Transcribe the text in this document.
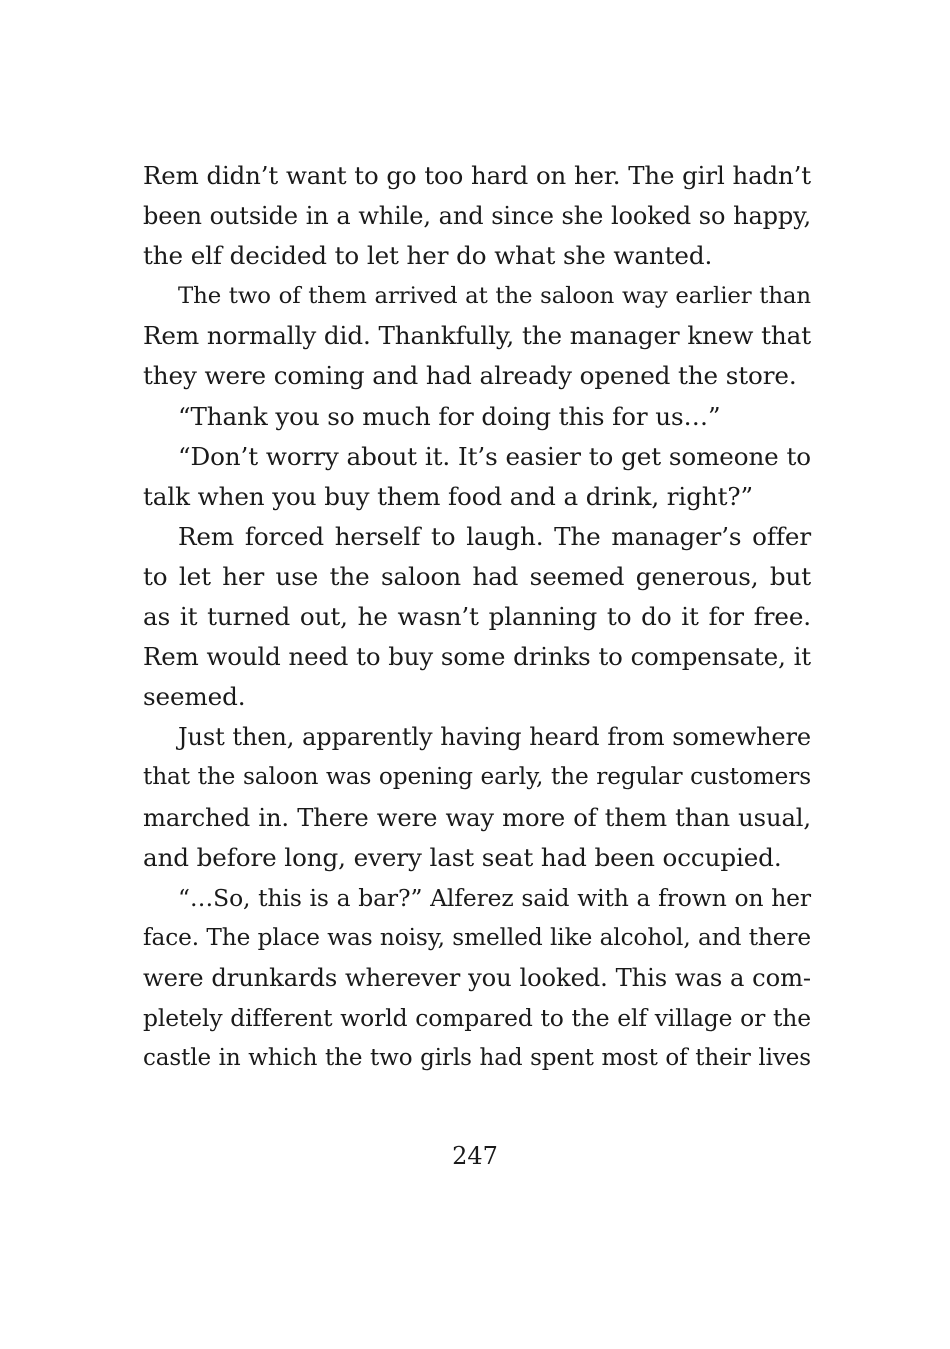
Rem didn’t want to go too hard on her. The girl hadn’t
been outside in a while, and since she looked so happy,
the elf decided to let her do what she wanted.
The two of them arrived at the saloon way earlier than
Rem normally did. Thankfully, the manager knew that
they were coming and had already opened the store.
“Thank you so much for doing this for us…”
“Don’t worry about it. It’s easier to get someone to
talk when you buy them food and a drink, right?”
Rem forced herself to laugh. The manager’s offer
to let her use the saloon had seemed generous, but
as it turned out, he wasn’t planning to do it for free.
Rem would need to buy some drinks to compensate, it
seemed.
Just then, apparently having heard from somewhere
that the saloon was opening early, the regular customers
marched in. There were way more of them than usual,
and before long, every last seat had been occupied.
“…So, this is a bar?” Alferez said with a frown on her
face. The place was noisy, smelled like alcohol, and there
were drunkards wherever you looked. This was a com-
pletely different world compared to the elf village or the
castle in which the two girls had spent most of their lives
247
